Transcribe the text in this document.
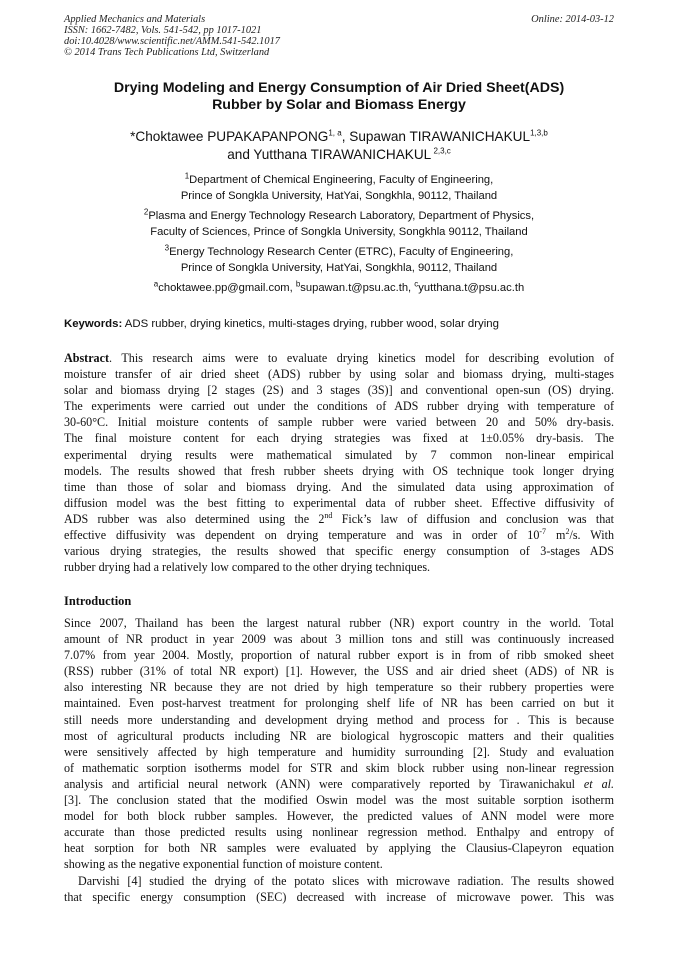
Applied Mechanics and Materials
ISSN: 1662-7482, Vols. 541-542, pp 1017-1021
doi:10.4028/www.scientific.net/AMM.541-542.1017
© 2014 Trans Tech Publications Ltd, Switzerland
Online: 2014-03-12
Drying Modeling and Energy Consumption of Air Dried Sheet(ADS)
Rubber by Solar and Biomass Energy
*Choktawee PUPAKAPANPONG$^{1, a}$, Supawan TIRAWANICHAKUL$^{1,3,b}$
and Yutthana TIRAWANICHAKUL $^{2,3,c}$
$^1$Department of Chemical Engineering, Faculty of Engineering,
Prince of Songkla University, HatYai, Songkhla, 90112, Thailand
$^2$Plasma and Energy Technology Research Laboratory, Department of Physics,
Faculty of Sciences, Prince of Songkla University, Songkhla 90112, Thailand
$^3$Energy Technology Research Center (ETRC), Faculty of Engineering,
Prince of Songkla University, HatYai, Songkhla, 90112, Thailand
$^a$choktawee.pp@gmail.com, $^b$supawan.t@psu.ac.th, $^c$yutthana.t@psu.ac.th
Keywords: ADS rubber, drying kinetics, multi-stages drying, rubber wood, solar drying
Abstract. This research aims were to evaluate drying kinetics model for describing evolution of
moisture transfer of air dried sheet (ADS) rubber by using solar and biomass drying, multi-stages
solar and biomass drying [2 stages (2S) and 3 stages (3S)] and conventional open-sun (OS) drying.
The experiments were carried out under the conditions of ADS rubber drying with temperature of
30-60°C. Initial moisture contents of sample rubber were varied between 20 and 50% dry-basis.
The final moisture content for each drying strategies was fixed at 1±0.05% dry-basis. The
experimental drying results were mathematical simulated by 7 common non-linear empirical
models. The results showed that fresh rubber sheets drying with OS technique took longer drying
time than those of solar and biomass drying. And the simulated data using approximation of
diffusion model was the best fitting to experimental data of rubber sheet. Effective diffusivity of
ADS rubber was also determined using the 2nd Fick’s law of diffusion and conclusion was that
effective diffusivity was dependent on drying temperature and was in order of $10^{-7}$ $m^2/s$. With
various drying strategies, the results showed that specific energy consumption of 3-stages ADS
rubber drying had a relatively low compared to the other drying techniques.
Introduction
Since 2007, Thailand has been the largest natural rubber (NR) export country in the world. Total
amount of NR product in year 2009 was about 3 million tons and still was continuously increased
7.07% from year 2004. Mostly, proportion of natural rubber export is in from of ribb smoked sheet
(RSS) rubber (31% of total NR export) [1]. However, the USS and air dried sheet (ADS) of NR is
also interesting NR because they are not dried by high temperature so their rubbery properties were
maintained. Even post-harvest treatment for prolonging shelf life of NR has been carried on but it
still needs more understanding and development drying method and process for . This is because
most of agricultural products including NR are biological hygroscopic matters and their qualities
were sensitively affected by high temperature and humidity surrounding [2]. Study and evaluation
of mathematic sorption isotherms model for STR and skim block rubber using non-linear regression
analysis and artificial neural network (ANN) were comparatively reported by Tirawanichakul et al.
[3]. The conclusion stated that the modified Oswin model was the most suitable sorption isotherm
model for both block rubber samples. However, the predicted values of ANN model were more
accurate than those predicted results using nonlinear regression method. Enthalpy and entropy of
heat sorption for both NR samples were evaluated by applying the Clausius-Clapeyron equation
showing as the negative exponential function of moisture content.
Darvishi [4] studied the drying of the potato slices with microwave radiation. The results showed
that specific energy consumption (SEC) decreased with increase of microwave power. This was
